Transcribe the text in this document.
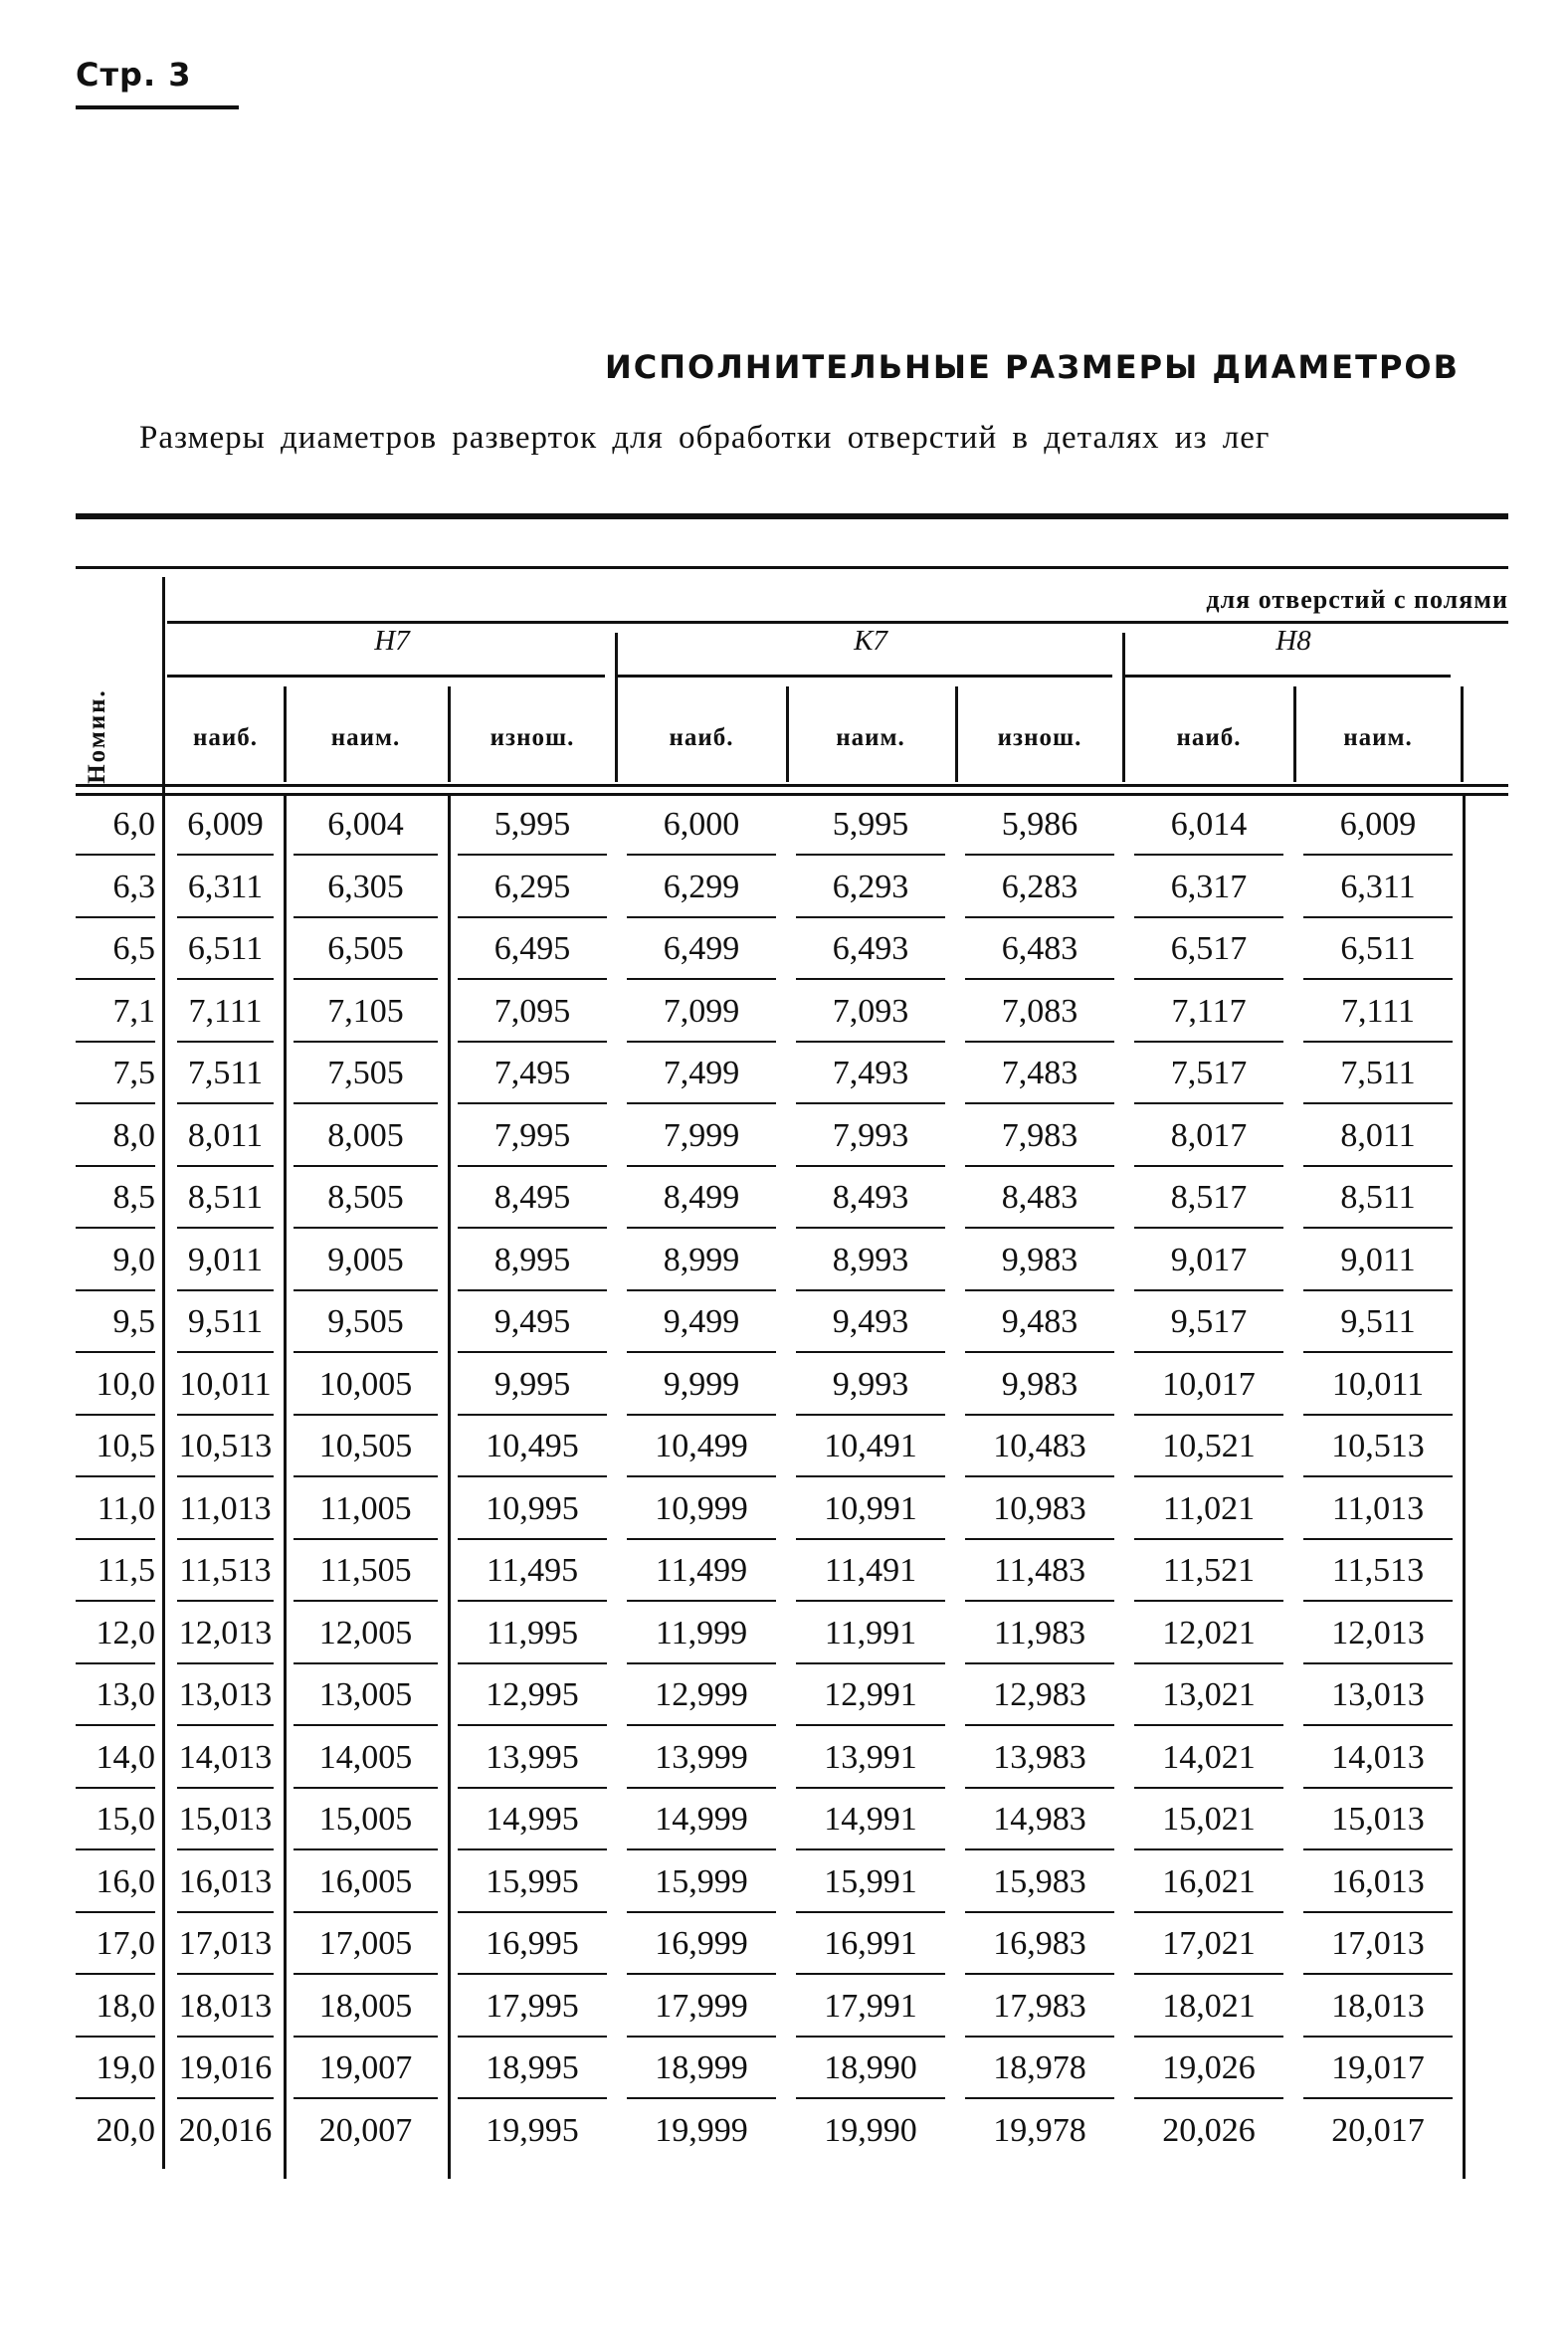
Стр. 3
ИСПОЛНИТЕЛЬНЫЕ РАЗМЕРЫ ДИАМЕТРОВ
Размеры диаметров разверток для обработки отверстий в деталях из лег
для отверстий с полями
Номин.
H7
наиб.	наим.	изнош.
K7
наиб.	наим.	изнош.
H8
наиб.	наим.
6,0 6,009	6,004	5,995	6,000	5,995	5,986	6,014	6,009
6,3 6,311	6,305	6,295	6,299	6,293	6,283	6,317	6,311
6,5 6,511	6,505	6,495	6,499	6,493	6,483	6,517	6,511
7,1 7,111	7,105	7,095	7,099	7,093	7,083	7,117	7,111
7,5 7,511	7,505	7,495	7,499	7,493	7,483	7,517	7,511
8,0 8,011	8,005	7,995	7,999	7,993	7,983	8,017	8,011
8,5 8,511	8,505	8,495	8,499	8,493	8,483	8,517	8,511
9,0 9,011	9,005	8,995	8,999	8,993	9,983	9,017	9,011
9,5 9,511	9,505	9,495	9,499	9,493	9,483	9,517	9,511
10,0 10,011	10,005	9,995	9,999	9,993	9,983	10,017	10,011
10,5 10,513	10,505	10,495	10,499	10,491	10,483	10,521	10,513
11,0 11,013	11,005	10,995	10,999	10,991	10,983	11,021	11,013
11,5 11,513	11,505	11,495	11,499	11,491	11,483	11,521	11,513
12,0 12,013	12,005	11,995	11,999	11,991	11,983	12,021	12,013
13,0 13,013	13,005	12,995	12,999	12,991	12,983	13,021	13,013
14,0 14,013	14,005	13,995	13,999	13,991	13,983	14,021	14,013
15,0 15,013	15,005	14,995	14,999	14,991	14,983	15,021	15,013
16,0 16,013	16,005	15,995	15,999	15,991	15,983	16,021	16,013
17,0 17,013	17,005	16,995	16,999	16,991	16,983	17,021	17,013
18,0 18,013	18,005	17,995	17,999	17,991	17,983	18,021	18,013
19,0 19,016	19,007	18,995	18,999	18,990	18,978	19,026	19,017
20,0 20,016	20,007	19,995	19,999	19,990	19,978	20,026	20,017
